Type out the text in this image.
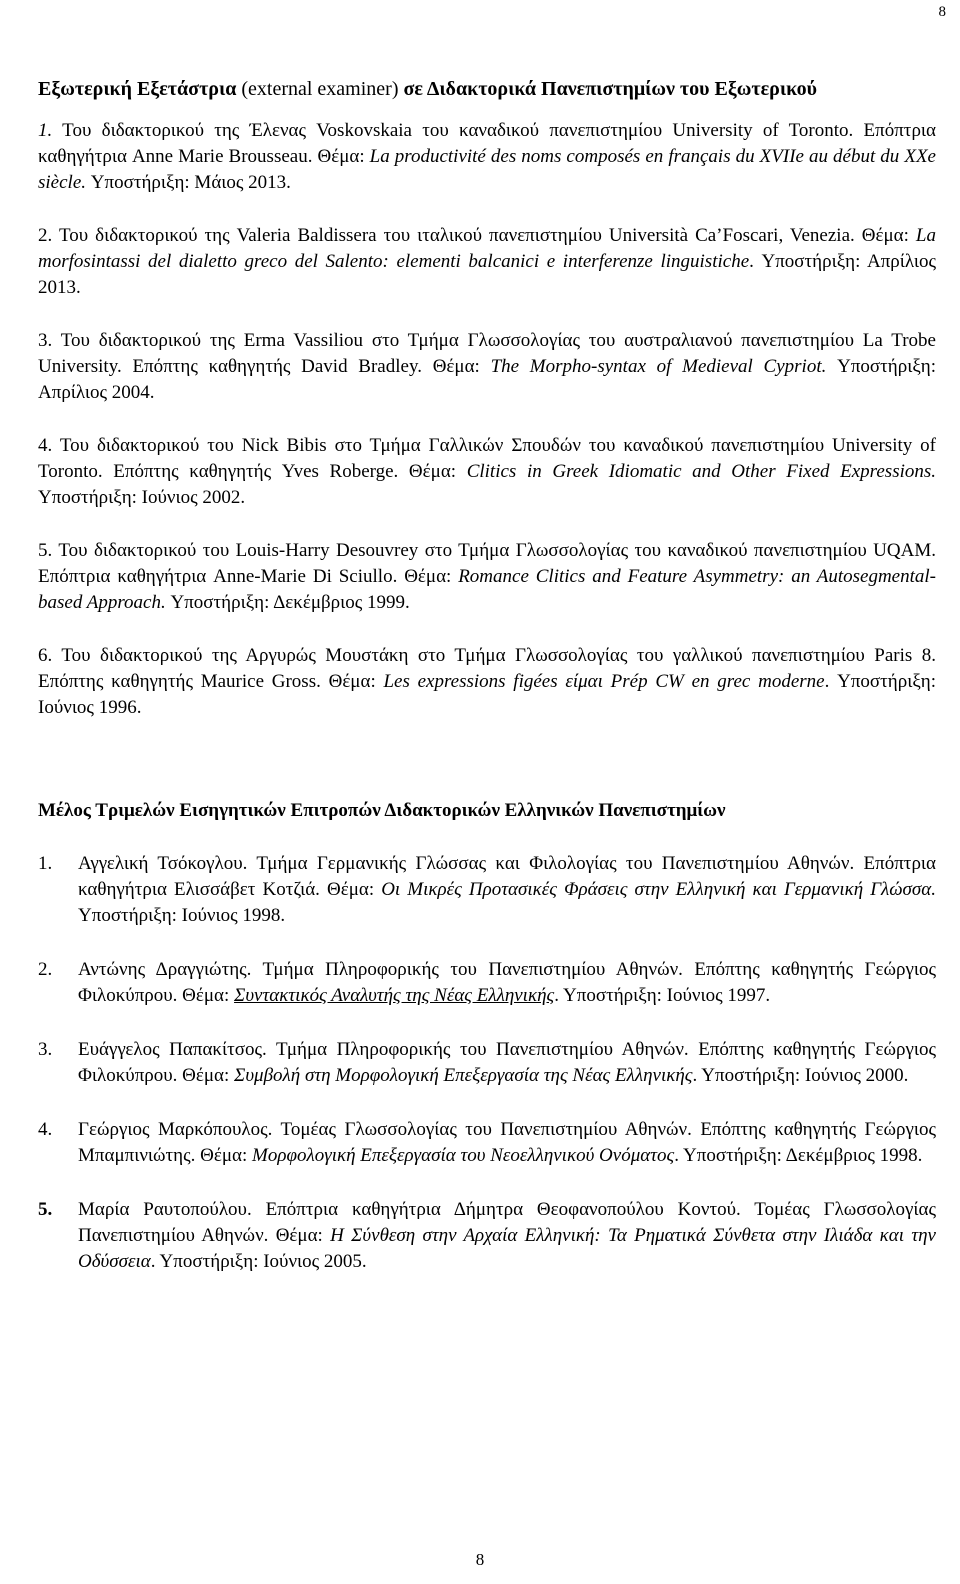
8
Εξωτερική Εξετάστρια (external examiner) σε Διδακτορικά Πανεπιστημίων του Εξωτερικού
1. Του διδακτορικού της Έλενας Voskovskaia του καναδικού πανεπιστημίου University of Toronto. Επόπτρια καθηγήτρια Anne Marie Brousseau. Θέμα: La productivité des noms composés en français du XVIIe au début du XXe siècle. Υποστήριξη: Μάιος 2013.
2. Του διδακτορικού της Valeria Baldissera του ιταλικού πανεπιστημίου Università Ca’Foscari, Venezia. Θέμα: La morfosintassi del dialetto greco del Salento: elementi balcanici e interferenze linguistiche. Υποστήριξη: Απρίλιος 2013.
3. Του διδακτορικού της Erma Vassiliou στο Τμήμα Γλωσσολογίας του αυστραλιανού πανεπιστημίου La Trobe University. Επόπτης καθηγητής David Bradley. Θέμα: The Morpho-syntax of Medieval Cypriot. Υποστήριξη: Απρίλιος 2004.
4. Του διδακτορικού του Nick Bibis στο Τμήμα Γαλλικών Σπουδών του καναδικού πανεπιστημίου University of Toronto. Επόπτης καθηγητής Yves Roberge. Θέμα: Clitics in Greek Idiomatic and Other Fixed Expressions. Υποστήριξη: Ιούνιος 2002.
5. Του διδακτορικού του Louis-Harry Desouvrey στο Τμήμα Γλωσσολογίας του καναδικού πανεπιστημίου UQAM. Επόπτρια καθηγήτρια Anne-Marie Di Sciullo. Θέμα: Romance Clitics and Feature Asymmetry: an Autosegmental-based Approach. Υποστήριξη: Δεκέμβριος 1999.
6. Του διδακτορικού της Αργυρώς Μουστάκη στο Τμήμα Γλωσσολογίας του γαλλικού πανεπιστημίου Paris 8. Επόπτης καθηγητής Maurice Gross. Θέμα: Les expressions figées είμαι Prép CW en grec moderne. Υποστήριξη: Ιούνιος 1996.
Μέλος Τριμελών Εισηγητικών Επιτροπών Διδακτορικών Ελληνικών Πανεπιστημίων
1.	Αγγελική Τσόκογλου. Τμήμα Γερμανικής Γλώσσας και Φιλολογίας του Πανεπιστημίου Αθηνών. Επόπτρια καθηγήτρια Ελισσάβετ Κοτζιά. Θέμα: Οι Μικρές Προτασικές Φράσεις στην Ελληνική και Γερμανική Γλώσσα. Υποστήριξη: Ιούνιος 1998.
2.	Αντώνης Δραγγιώτης. Τμήμα Πληροφορικής του Πανεπιστημίου Αθηνών. Επόπτης καθηγητής Γεώργιος Φιλοκύπρου. Θέμα: Συντακτικός Αναλυτής της Νέας Ελληνικής. Υποστήριξη: Ιούνιος 1997.
3.	Ευάγγελος Παπακίτσος. Τμήμα Πληροφορικής του Πανεπιστημίου Αθηνών. Επόπτης καθηγητής Γεώργιος Φιλοκύπρου. Θέμα: Συμβολή στη Μορφολογική Επεξεργασία της Νέας Ελληνικής. Υποστήριξη: Ιούνιος 2000.
4.	Γεώργιος Μαρκόπουλος. Τομέας Γλωσσολογίας του Πανεπιστημίου Αθηνών. Επόπτης καθηγητής Γεώργιος Μπαμπινιώτης. Θέμα: Μορφολογική Επεξεργασία του Νεοελληνικού Ονόματος. Υποστήριξη: Δεκέμβριος 1998.
5.	Μαρία Ραυτοπούλου. Επόπτρια καθηγήτρια Δήμητρα Θεοφανοπούλου Κοντού. Τομέας Γλωσσολογίας Πανεπιστημίου Αθηνών. Θέμα: Η Σύνθεση στην Αρχαία Ελληνική: Τα Ρηματικά Σύνθετα στην Ιλιάδα και την Οδύσσεια. Υποστήριξη: Ιούνιος 2005.
8
